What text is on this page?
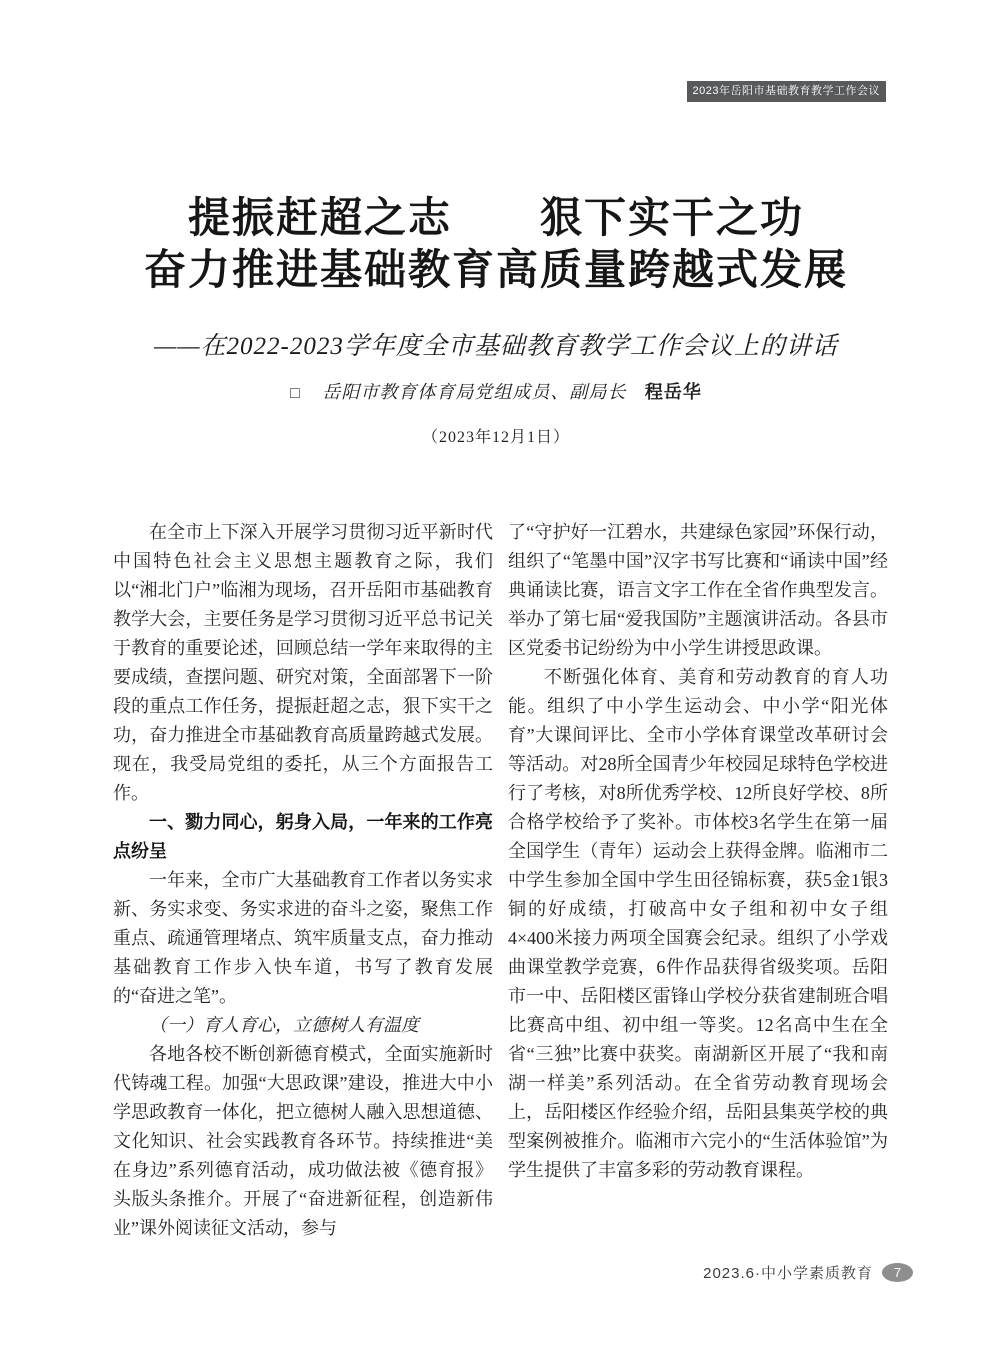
2023年岳阳市基础教育教学工作会议
提振赶超之志　　狠下实干之功
奋力推进基础教育高质量跨越式发展
——在2022-2023学年度全市基础教育教学工作会议上的讲话
□ 岳阳市教育体育局党组成员、副局长 程岳华
（2023年12月1日）

在全市上下深入开展学习贯彻习近平新时代中国特色社会主义思想主题教育之际，我们以“湘北门户”临湘为现场，召开岳阳市基础教育教学大会，主要任务是学习贯彻习近平总书记关于教育的重要论述，回顾总结一学年来取得的主要成绩，查摆问题、研究对策，全面部署下一阶段的重点工作任务，提振赶超之志，狠下实干之功，奋力推进全市基础教育高质量跨越式发展。现在，我受局党组的委托，从三个方面报告工作。

一、勠力同心，躬身入局，一年来的工作亮点纷呈

一年来，全市广大基础教育工作者以务实求新、务实求变、务实求进的奋斗之姿，聚焦工作重点、疏通管理堵点、筑牢质量支点，奋力推动基础教育工作步入快车道，书写了教育发展的“奋进之笔”。

（一）育人育心，立德树人有温度

各地各校不断创新德育模式，全面实施新时代铸魂工程。加强“大思政课”建设，推进大中小学思政教育一体化，把立德树人融入思想道德、文化知识、社会实践教育各环节。持续推进“美在身边”系列德育活动，成功做法被《德育报》头版头条推介。开展了“奋进新征程，创造新伟业”课外阅读征文活动，参与

了“守护好一江碧水，共建绿色家园”环保行动，组织了“笔墨中国”汉字书写比赛和“诵读中国”经典诵读比赛，语言文字工作在全省作典型发言。举办了第七届“爱我国防”主题演讲活动。各县市区党委书记纷纷为中小学生讲授思政课。

不断强化体育、美育和劳动教育的育人功能。组织了中小学生运动会、中小学“阳光体育”大课间评比、全市小学体育课堂改革研讨会等活动。对28所全国青少年校园足球特色学校进行了考核，对8所优秀学校、12所良好学校、8所合格学校给予了奖补。市体校3名学生在第一届全国学生（青年）运动会上获得金牌。临湘市二中学生参加全国中学生田径锦标赛，获5金1银3铜的好成绩，打破高中女子组和初中女子组4×400米接力两项全国赛会纪录。组织了小学戏曲课堂教学竞赛，6件作品获得省级奖项。岳阳市一中、岳阳楼区雷锋山学校分获省建制班合唱比赛高中组、初中组一等奖。12名高中生在全省“三独”比赛中获奖。南湖新区开展了“我和南湖一样美”系列活动。在全省劳动教育现场会上，岳阳楼区作经验介绍，岳阳县集英学校的典型案例被推介。临湘市六完小的“生活体验馆”为学生提供了丰富多彩的劳动教育课程。

2023.6·中小学素质教育	7
